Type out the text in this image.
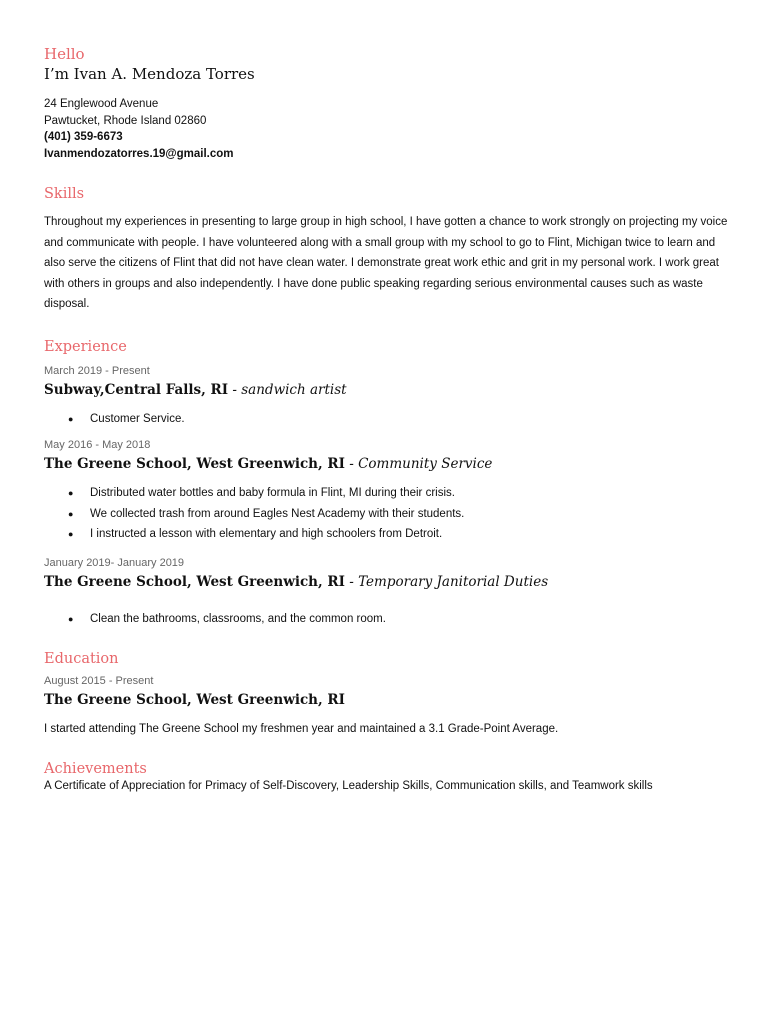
Hello

I’m Ivan A. Mendoza Torres

24 Englewood Avenue
Pawtucket, Rhode Island 02860
(401) 359-6673
Ivanmendozatorres.19@gmail.com

Skills

Throughout my experiences in presenting to large group in high school, I have gotten a chance to work strongly on projecting my voice and communicate with people. I have volunteered along with a small group with my school to go to Flint, Michigan twice to learn and also serve the citizens of Flint that did not have clean water. I demonstrate great work ethic and grit in my personal work. I work great with others in groups and also independently. I have done public speaking regarding serious environmental causes such as waste disposal.

Experience

March 2019 - Present
Subway,Central Falls, RI - sandwich artist
● Customer Service.
May 2016 - May 2018
The Greene School, West Greenwich, RI - Community Service
● Distributed water bottles and baby formula in Flint, MI during their crisis.
● We collected trash from around Eagles Nest Academy with their students.
● I instructed a lesson with elementary and high schoolers from Detroit.
January 2019- January 2019
The Greene School, West Greenwich, RI - Temporary Janitorial Duties
● Clean the bathrooms, classrooms, and the common room.

Education

August 2015 - Present
The Greene School, West Greenwich, RI

I started attending The Greene School my freshmen year and maintained a 3.1 Grade-Point Average.

Achievements

A Certificate of Appreciation for Primacy of Self-Discovery, Leadership Skills, Communication skills, and Teamwork skills
